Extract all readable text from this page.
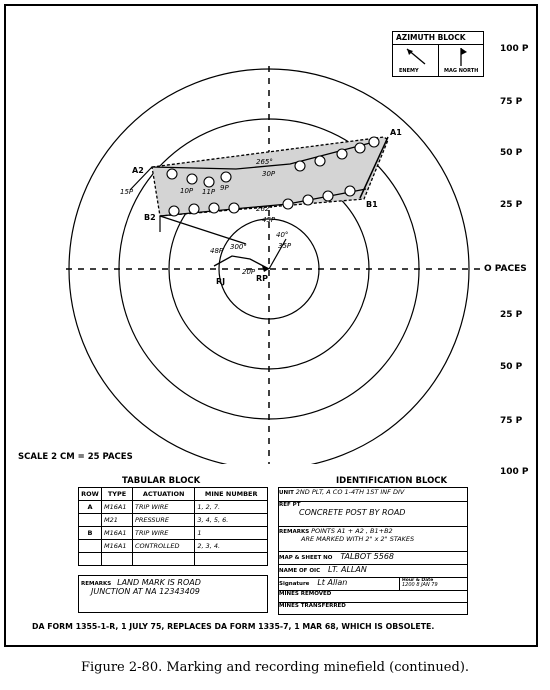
A1
A2
B1
B2
RP
RJ
265°
30P
262°
45P
40°
35P
48P 300°
20P
15P	10P 11P 9P
ENEMY	MAG NORTH
AZIMUTH BLOCK
100 P
75 P
50 P
25 P
O PACES
25 P
50 P
75 P
100 P
SCALE 2 CM = 25 PACES
TABULAR BLOCK
ROW	TYPE	ACTUATION	MINE NUMBER
A	M16A1	TRIP WIRE	1, 2, 7.
	M21	PRESSURE	3, 4, 5, 6.
B	M16A1	TRIP WIRE	1
	M16A1	CONTROLLED	2, 3, 4.

REMARKS LAND MARK IS ROAD
JUNCTION AT NA 12343409
IDENTIFICATION BLOCK
UNIT 2ND PLT, A CO 1-4TH 1ST INF DIV
REF PT
CONCRETE POST BY ROAD
REMARKS POINTS A1 + A2 , B1+B2
ARE MARKED WITH 2" x 2" STAKES
MAP & SHEET NO TALBOT 5568
NAME OF OIC LT. ALLAN
Signature Lt Allan	Hour & Date
1200 8 JAN 79
MINES REMOVED
MINES TRANSFERRED
DA FORM 1355-1-R, 1 JULY 75, REPLACES DA FORM 1335-7, 1 MAR 68, WHICH IS OBSOLETE.
Figure 2-80. Marking and recording minefield (continued).
